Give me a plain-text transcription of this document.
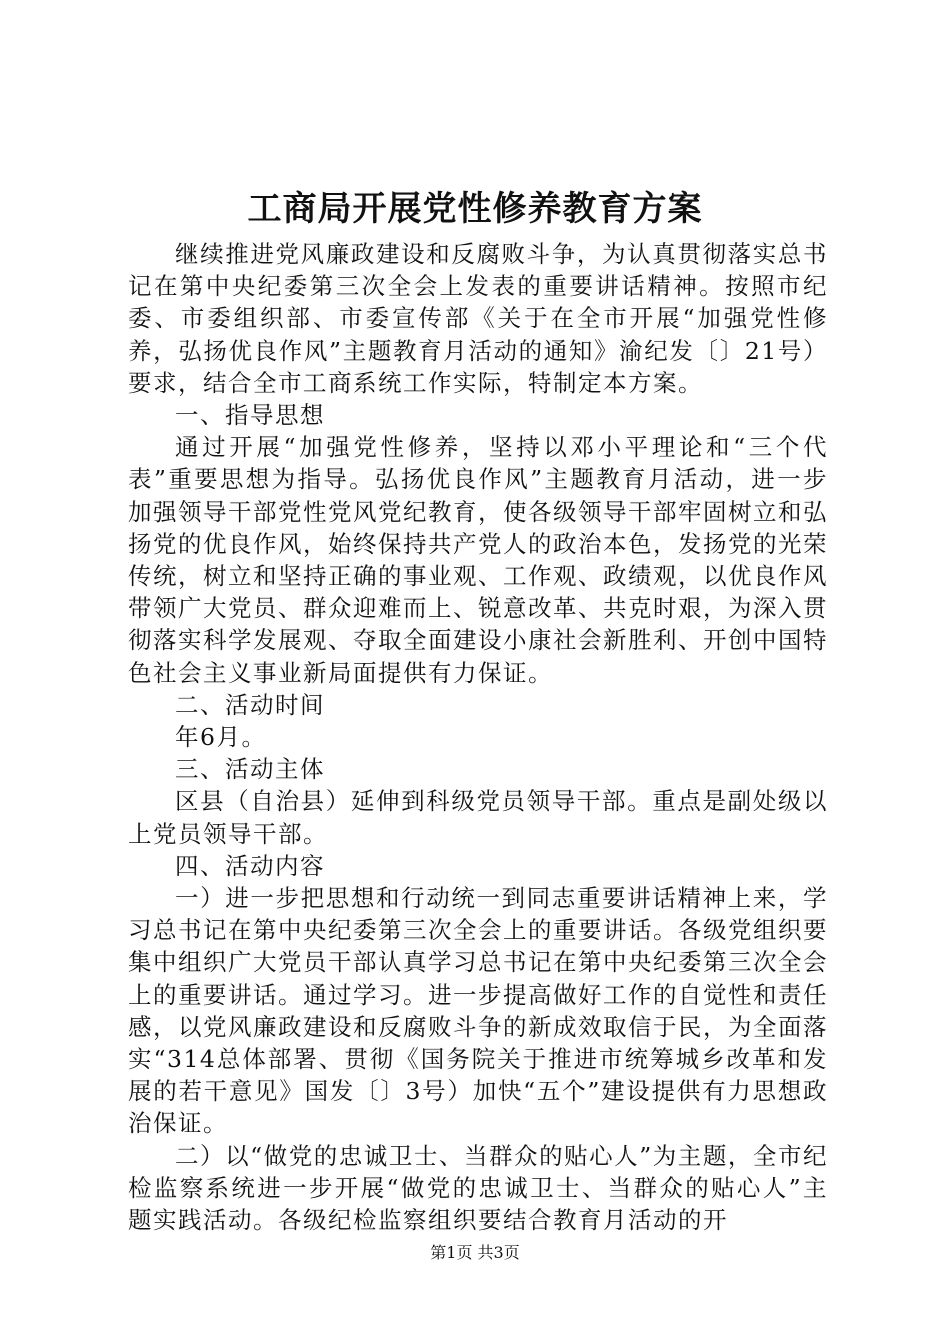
工商局开展党性修养教育方案

继续推进党风廉政建设和反腐败斗争，为认真贯彻落实总书记在第中央纪委第三次全会上发表的重要讲话精神。按照市纪委、市委组织部、市委宣传部《关于在全市开展“加强党性修养，弘扬优良作风”主题教育月活动的通知》渝纪发〔〕21号）要求，结合全市工商系统工作实际，特制定本方案。

一、指导思想

通过开展“加强党性修养，坚持以邓小平理论和“三个代表”重要思想为指导。弘扬优良作风”主题教育月活动，进一步加强领导干部党性党风党纪教育，使各级领导干部牢固树立和弘扬党的优良作风，始终保持共产党人的政治本色，发扬党的光荣传统，树立和坚持正确的事业观、工作观、政绩观，以优良作风带领广大党员、群众迎难而上、锐意改革、共克时艰，为深入贯彻落实科学发展观、夺取全面建设小康社会新胜利、开创中国特色社会主义事业新局面提供有力保证。

二、活动时间

年6月。

三、活动主体

区县（自治县）延伸到科级党员领导干部。重点是副处级以上党员领导干部。

四、活动内容

一）进一步把思想和行动统一到同志重要讲话精神上来，学习总书记在第中央纪委第三次全会上的重要讲话。各级党组织要集中组织广大党员干部认真学习总书记在第中央纪委第三次全会上的重要讲话。通过学习。进一步提高做好工作的自觉性和责任感，以党风廉政建设和反腐败斗争的新成效取信于民，为全面落实“314总体部署、贯彻《国务院关于推进市统筹城乡改革和发展的若干意见》国发〔〕3号）加快“五个”建设提供有力思想政治保证。

二）以“做党的忠诚卫士、当群众的贴心人”为主题，全市纪检监察系统进一步开展“做党的忠诚卫士、当群众的贴心人”主题实践活动。各级纪检监察组织要结合教育月活动的开

第1页 共3页
